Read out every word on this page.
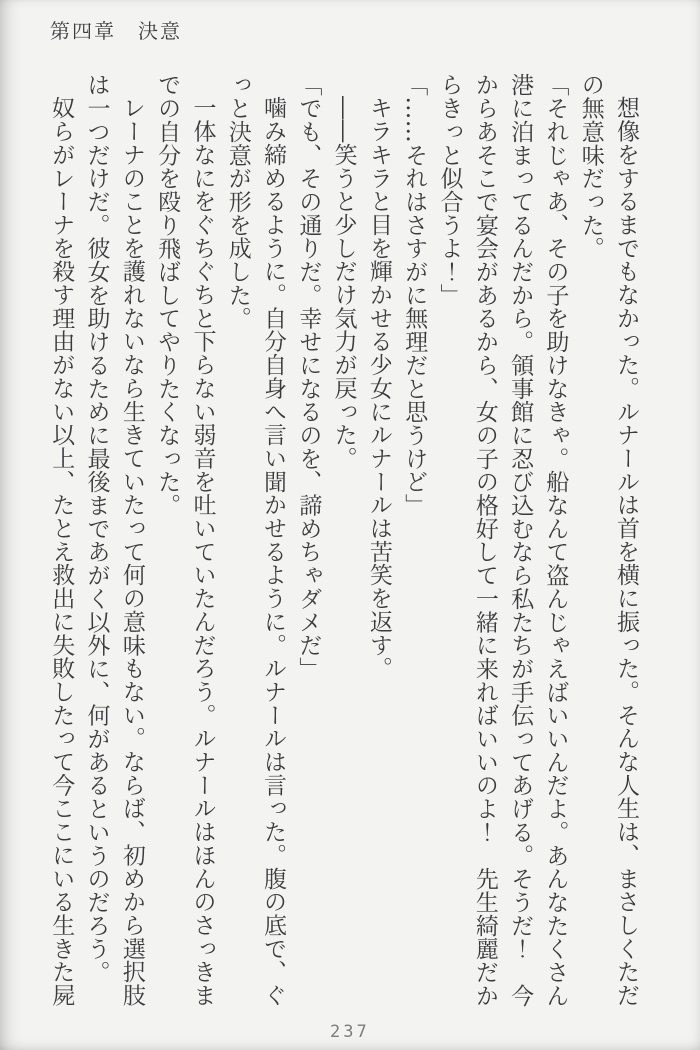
第四章　決意
想像をするまでもなかった。ルナールは首を横に振った。そんな人生は、まさしくただ
の無意味だった。
「それじゃあ、その子を助けなきゃ。船なんて盗んじゃえばいいんだよ。あんなたくさん
港に泊まってるんだから。領事館に忍び込むなら私たちが手伝ってあげる。そうだ！　今
からあそこで宴会があるから、女の子の格好して一緒に来ればいいのよ！　先生綺麗だか
らきっと似合うよ！」
「……それはさすがに無理だと思うけど」
キラキラと目を輝かせる少女にルナールは苦笑を返す。
――笑うと少しだけ気力が戻った。
「でも、その通りだ。幸せになるのを、諦めちゃダメだ」
噛み締めるように。自分自身へ言い聞かせるように。ルナールは言った。腹の底で、ぐ
っと決意が形を成した。
一体なにをぐちぐちと下らない弱音を吐いていたんだろう。ルナールはほんのさっきま
での自分を殴り飛ばしてやりたくなった。
レーナのことを護れないなら生きていたって何の意味もない。ならば、初めから選択肢
は一つだけだ。彼女を助けるために最後まであがく以外に、何があるというのだろう。
奴らがレーナを殺す理由がない以上、たとえ救出に失敗したって今ここにいる生きた屍
237
